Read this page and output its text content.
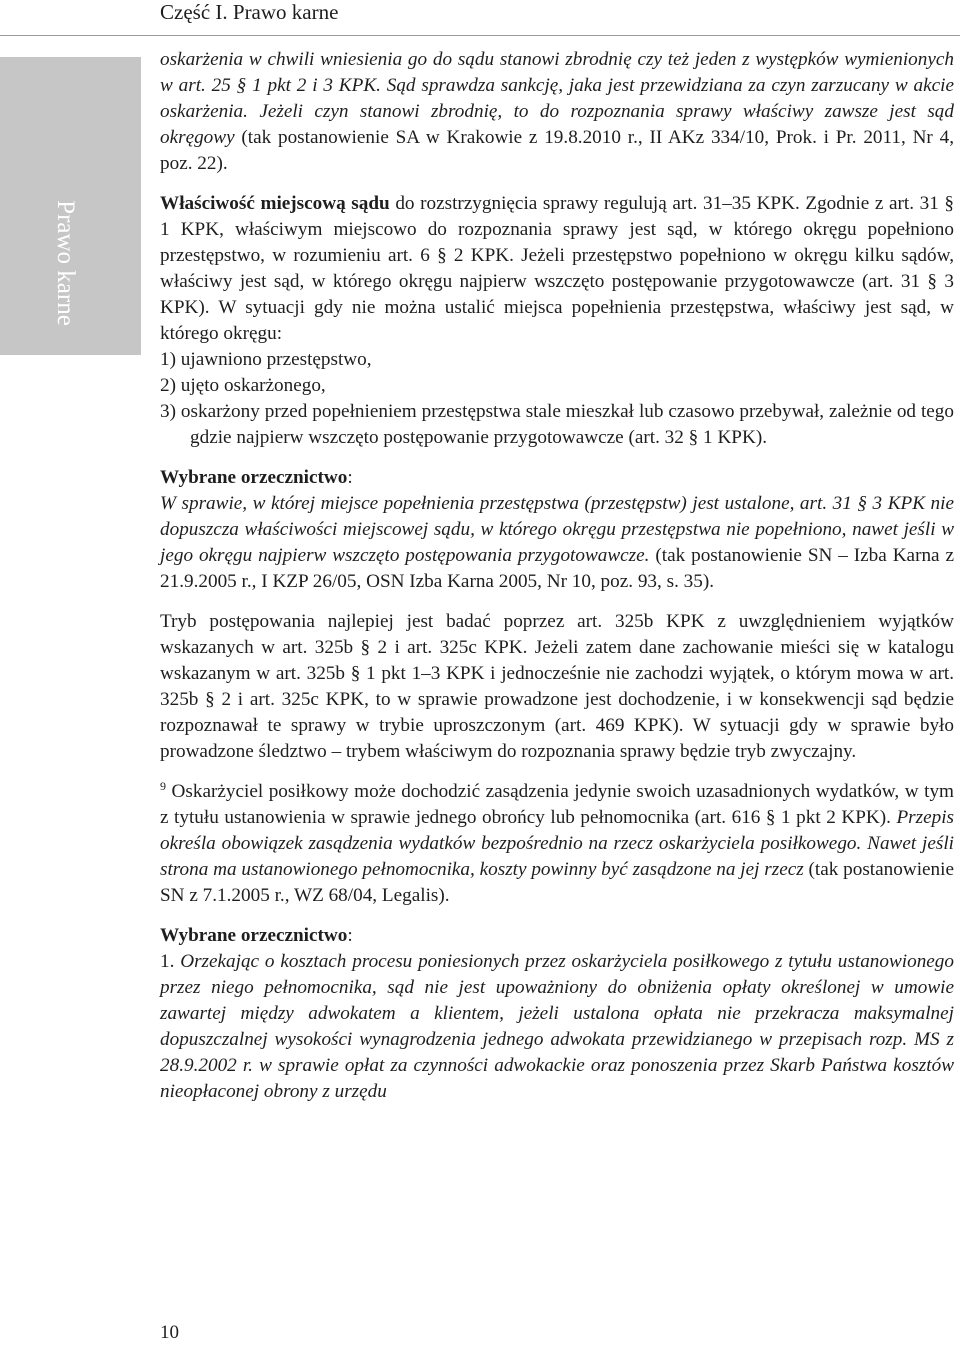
Część I. Prawo karne
Prawo karne

oskarżenia w chwili wniesienia go do sądu stanowi zbrodnię czy też jeden z występków wymienionych w art. 25 § 1 pkt 2 i 3 KPK. Sąd sprawdza sankcję, jaka jest przewidziana za czyn zarzucany w akcie oskarżenia. Jeżeli czyn stanowi zbrodnię, to do rozpoznania sprawy właściwy zawsze jest sąd okręgowy (tak postanowienie SA w Krakowie z 19.8.2010 r., II AKz 334/10, Prok. i Pr. 2011, Nr 4, poz. 22).

Właściwość miejscową sądu do rozstrzygnięcia sprawy regulują art. 31–35 KPK. Zgodnie z art. 31 § 1 KPK, właściwym miejscowo do rozpoznania sprawy jest sąd, w którego okręgu popełniono przestępstwo, w rozumieniu art. 6 § 2 KPK. Jeżeli przestępstwo popełniono w okręgu kilku sądów, właściwy jest sąd, w którego okręgu najpierw wszczęto postępowanie przygotowawcze (art. 31 § 3 KPK). W sytuacji gdy nie można ustalić miejsca popełnienia przestępstwa, właściwy jest sąd, w którego okręgu:

1) ujawniono przestępstwo,

2) ujęto oskarżonego,

3) oskarżony przed popełnieniem przestępstwa stale mieszkał lub czasowo przebywał, zależnie od tego gdzie najpierw wszczęto postępowanie przygotowawcze (art. 32 § 1 KPK).

Wybrane orzecznictwo:

W sprawie, w której miejsce popełnienia przestępstwa (przestępstw) jest ustalone, art. 31 § 3 KPK nie dopuszcza właściwości miejscowej sądu, w którego okręgu przestępstwa nie popełniono, nawet jeśli w jego okręgu najpierw wszczęto postępowania przygotowawcze. (tak postanowienie SN – Izba Karna z 21.9.2005 r., I KZP 26/05, OSN Izba Karna 2005, Nr 10, poz. 93, s. 35).

Tryb postępowania najlepiej jest badać poprzez art. 325b KPK z uwzględnieniem wyjątków wskazanych w art. 325b § 2 i art. 325c KPK. Jeżeli zatem dane zachowanie mieści się w katalogu wskazanym w art. 325b § 1 pkt 1–3 KPK i jednocześnie nie zachodzi wyjątek, o którym mowa w art. 325b § 2 i art. 325c KPK, to w sprawie prowadzone jest dochodzenie, i w konsekwencji sąd będzie rozpoznawał te sprawy w trybie uproszczonym (art. 469 KPK). W sytuacji gdy w sprawie było prowadzone śledztwo – trybem właściwym do rozpoznania sprawy będzie tryb zwyczajny.

$^9$ Oskarżyciel posiłkowy może dochodzić zasądzenia jedynie swoich uzasadnionych wydatków, w tym z tytułu ustanowienia w sprawie jednego obrońcy lub pełnomocnika (art. 616 § 1 pkt 2 KPK). Przepis określa obowiązek zasądzenia wydatków bezpośrednio na rzecz oskarżyciela posiłkowego. Nawet jeśli strona ma ustanowionego pełnomocnika, koszty powinny być zasądzone na jej rzecz (tak postanowienie SN z 7.1.2005 r., WZ 68/04, Legalis).

Wybrane orzecznictwo:

1. Orzekając o kosztach procesu poniesionych przez oskarżyciela posiłkowego z tytułu ustanowionego przez niego pełnomocnika, sąd nie jest upoważniony do obniżenia opłaty określonej w umowie zawartej między adwokatem a klientem, jeżeli ustalona opłata nie przekracza maksymalnej dopuszczalnej wysokości wynagrodzenia jednego adwokata przewidzianego w przepisach rozp. MS z 28.9.2002 r. w sprawie opłat za czynności adwokackie oraz ponoszenia przez Skarb Państwa kosztów nieopłaconej obrony z urzędu

10
